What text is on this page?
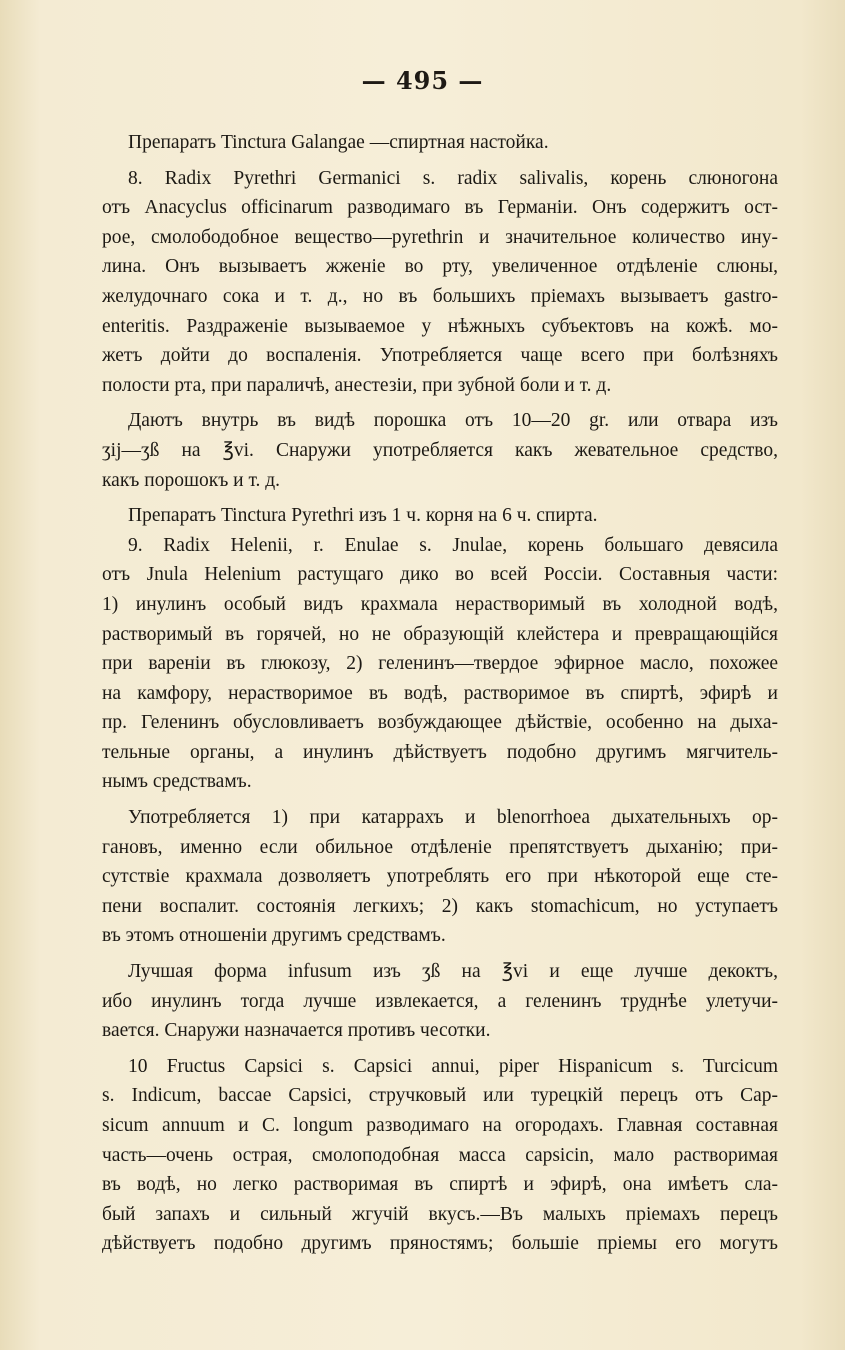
— 495 —
Препаратъ Tinctura Galangae —спиртная настойка.
8. Radix Pyrethri Germanici s. radix salivalis, корень слюногона
отъ Anacyclus officinarum разводимаго въ Германіи. Онъ содержитъ ост-
рое, смолободобное вещество—pyrethrin и значительное количество ину-
лина. Онъ вызываетъ жженіе во рту, увеличенное отдѣленіе слюны,
желудочнаго сока и т. д., но въ большихъ пріемахъ вызываетъ gastro-
enteritis. Раздраженіе вызываемое у нѣжныхъ субъектовъ на кожѣ. мо-
жетъ дойти до воспаленія. Употребляется чаще всего при болѣзняхъ
полости рта, при параличѣ, анестезіи, при зубной боли и т. д.
Даютъ внутрь въ видѣ порошка отъ 10—20 gr. или отвара изъ
ʒij—ʒß на ℥vi. Снаружи употребляется какъ жевательное средство,
какъ порошокъ и т. д.
Препаратъ Tinctura Pyrethri изъ 1 ч. корня на 6 ч. спирта.
9. Radix Helenii, r. Enulae s. Jnulae, корень большаго девясила
отъ Jnula Helenium растущаго дико во всей Россіи. Составныя части:
1) инулинъ особый видъ крахмала нерастворимый въ холодной водѣ,
растворимый въ горячей, но не образующій клейстера и превращающійся
при вареніи въ глюкозу, 2) геленинъ—твердое эфирное масло, похожее
на камфору, нерастворимое въ водѣ, растворимое въ спиртѣ, эфирѣ и
пр. Геленинъ обусловливаетъ возбуждающее дѣйствіе, особенно на дыха-
тельные органы, а инулинъ дѣйствуетъ подобно другимъ мягчитель-
нымъ средствамъ.
Употребляется 1) при катаррахъ и blenorrhoea дыхательныхъ ор-
гановъ, именно если обильное отдѣленіе препятствуетъ дыханію; при-
сутствіе крахмала дозволяетъ употреблять его при нѣкоторой еще сте-
пени воспалит. состоянія легкихъ; 2) какъ stomachicum, но уступаетъ
въ этомъ отношеніи другимъ средствамъ.
Лучшая форма infusum изъ ʒß на ℥vi и еще лучше декоктъ,
ибо инулинъ тогда лучше извлекается, а геленинъ труднѣе улетучи-
вается. Снаружи назначается противъ чесотки.
10 Fructus Capsici s. Capsici annui, piper Hispanicum s. Turcicum
s. Indicum, baccae Capsici, стручковый или турецкій перецъ отъ Cap-
sicum annuum и C. longum разводимаго на огородахъ. Главная составная
часть—очень острая, смолоподобная масса capsicin, мало растворимая
въ водѣ, но легко растворимая въ спиртѣ и эфирѣ, она имѣетъ сла-
бый запахъ и сильный жгучій вкусъ.—Въ малыхъ пріемахъ перецъ
дѣйствуетъ подобно другимъ пряностямъ; большіе пріемы его могутъ
